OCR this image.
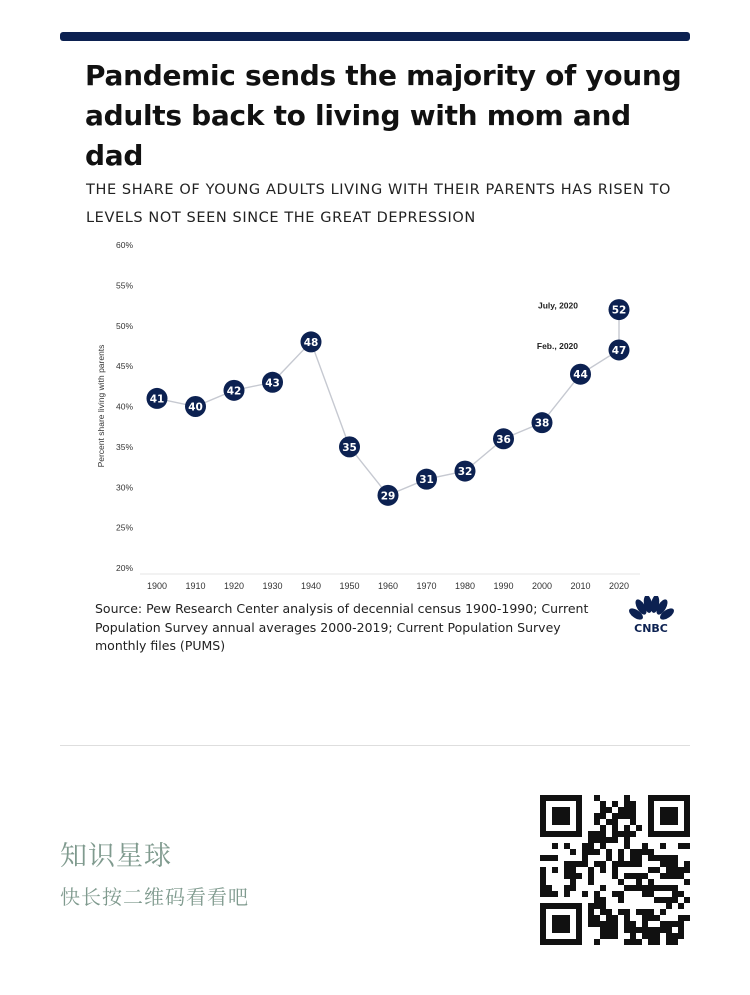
Pandemic sends the majority of young adults back to living with mom and dad

THE SHARE OF YOUNG ADULTS LIVING WITH THEIR PARENTS HAS RISEN TO LEVELS NOT SEEN SINCE THE GREAT DEPRESSION

Percent share living with parents
60%
55%
50%
45%
40%
35%
30%
25%
20%
1900 1910 1920 1930 1940 1950 1960 1970 1980 1990 2000 2010 2020
41
40
42
43
48
35
29
31
32
36
38
44
47
Feb., 2020
52
July, 2020

Source: Pew Research Center analysis of decennial census 1900-1990; Current Population Survey annual averages 2000-2019; Current Population Survey monthly files (PUMS)

CNBC
知识星球
快长按二维码看看吧
